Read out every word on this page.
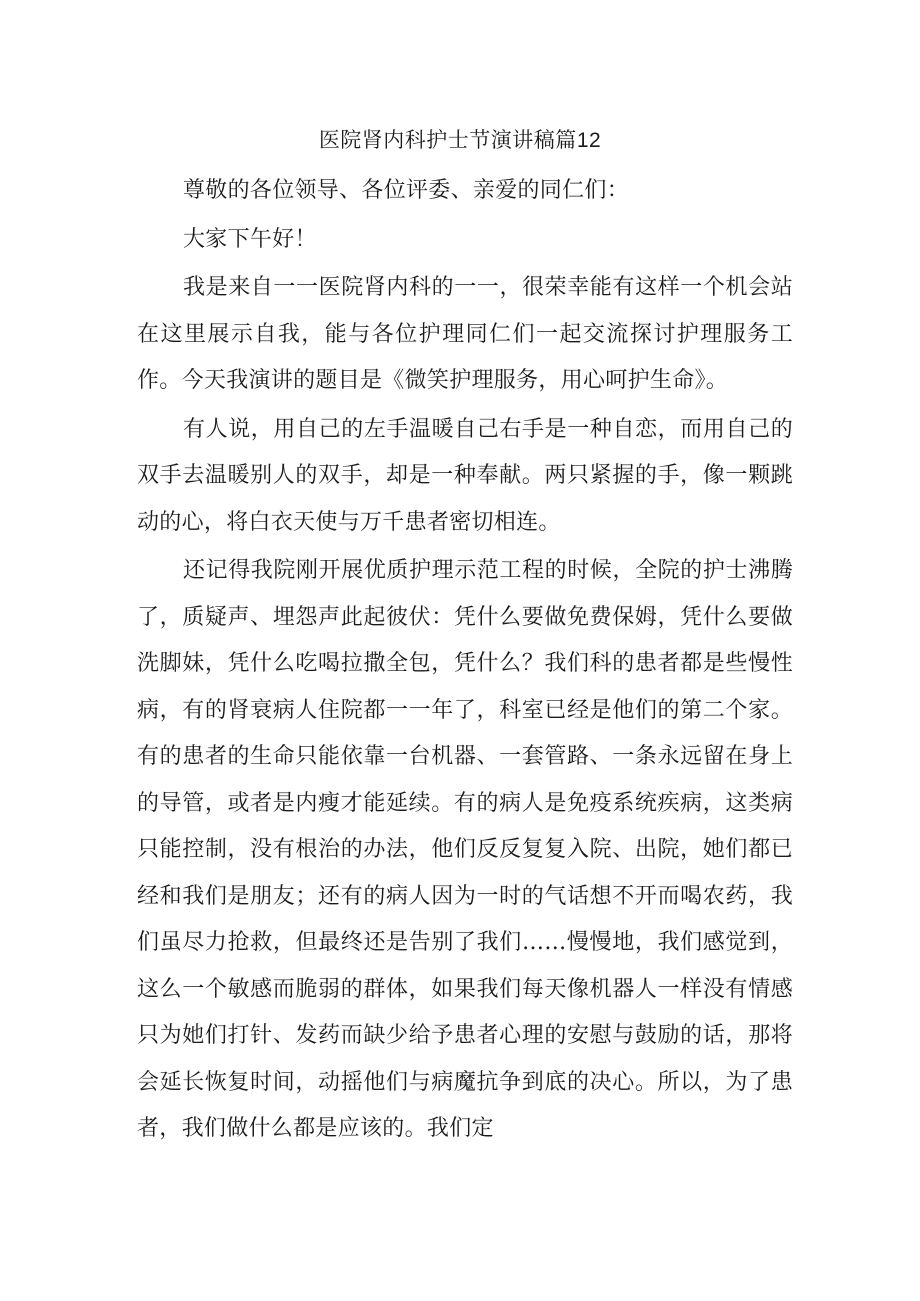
医院肾内科护士节演讲稿篇12

尊敬的各位领导、各位评委、亲爱的同仁们：

大家下午好！

我是来自一一医院肾内科的一一，很荣幸能有这样一个机会站在这里展示自我，能与各位护理同仁们一起交流探讨护理服务工作。今天我演讲的题目是《微笑护理服务，用心呵护生命》。

有人说，用自己的左手温暖自己右手是一种自恋，而用自己的双手去温暖别人的双手，却是一种奉献。两只紧握的手，像一颗跳动的心，将白衣天使与万千患者密切相连。

还记得我院刚开展优质护理示范工程的时候，全院的护士沸腾了，质疑声、埋怨声此起彼伏：凭什么要做免费保姆，凭什么要做洗脚妹，凭什么吃喝拉撒全包，凭什么？我们科的患者都是些慢性病，有的肾衰病人住院都一一年了，科室已经是他们的第二个家。有的患者的生命只能依靠一台机器、一套管路、一条永远留在身上的导管，或者是内瘦才能延续。有的病人是免疫系统疾病，这类病只能控制，没有根治的办法，他们反反复复入院、出院，她们都已经和我们是朋友；还有的病人因为一时的气话想不开而喝农药，我们虽尽力抢救，但最终还是告别了我们……慢慢地，我们感觉到，这么一个敏感而脆弱的群体，如果我们每天像机器人一样没有情感只为她们打针、发药而缺少给予患者心理的安慰与鼓励的话，那将会延长恢复时间，动摇他们与病魔抗争到底的决心。所以，为了患者，我们做什么都是应该的。我们定
